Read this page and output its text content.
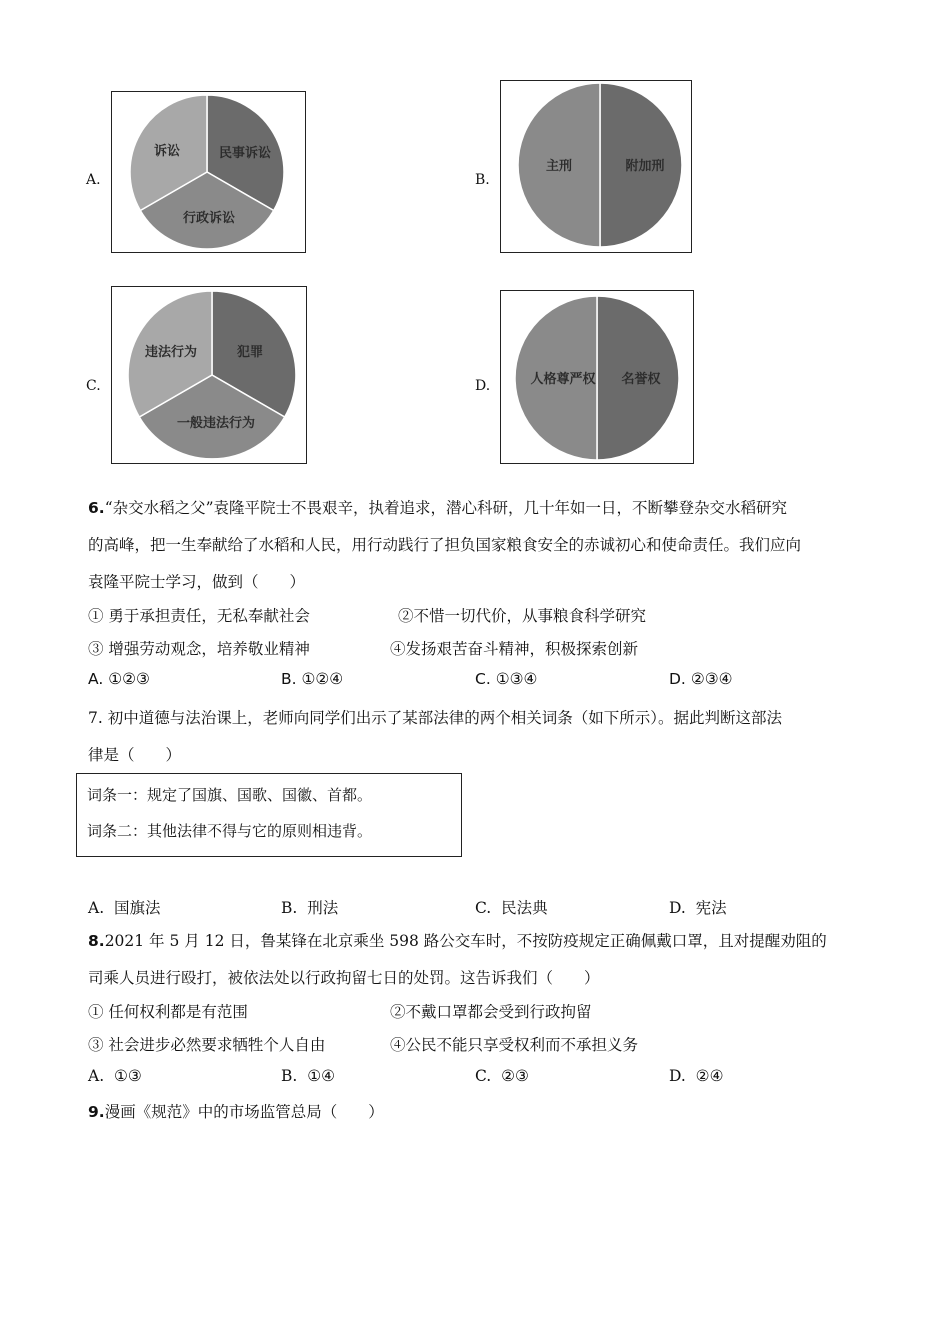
A.
诉讼	民事诉讼
行政诉讼
B.
主刑	附加刑
C.
违法行为	犯罪
一般违法行为
D.	人格尊严权 名誉权
6.“杂交水稻之父”袁隆平院士不畏艰辛，执着追求，潜心科研，几十年如一日，不断攀登杂交水稻研究
的高峰，把一生奉献给了水稻和人民，用行动践行了担负国家粮食安全的赤诚初心和使命责任。我们应向
袁隆平院士学习，做到（　　）
① 勇于承担责任，无私奉献社会	②不惜一切代价，从事粮食科学研究
③ 增强劳动观念，培养敬业精神	④发扬艰苦奋斗精神，积极探索创新
A. ①②③	B. ①②④	C. ①③④	D. ②③④
7. 初中道德与法治课上，老师向同学们出示了某部法律的两个相关词条（如下所示）。据此判断这部法
律是（　　）
词条一：规定了国旗、国歌、国徽、首都。
词条二：其他法律不得与它的原则相违背。
A. 国旗法	B. 刑法	C. 民法典	D. 宪法
8.2021 年 5 月 12 日，鲁某锋在北京乘坐 598 路公交车时，不按防疫规定正确佩戴口罩，且对提醒劝阻的
司乘人员进行殴打，被依法处以行政拘留七日的处罚。这告诉我们（　　）
① 任何权利都是有范围	②不戴口罩都会受到行政拘留
③ 社会进步必然要求牺牲个人自由	④公民不能只享受权利而不承担义务
A. ①③	B. ①④	C. ②③	D. ②④
9.漫画《规范》中的市场监管总局（　　）
